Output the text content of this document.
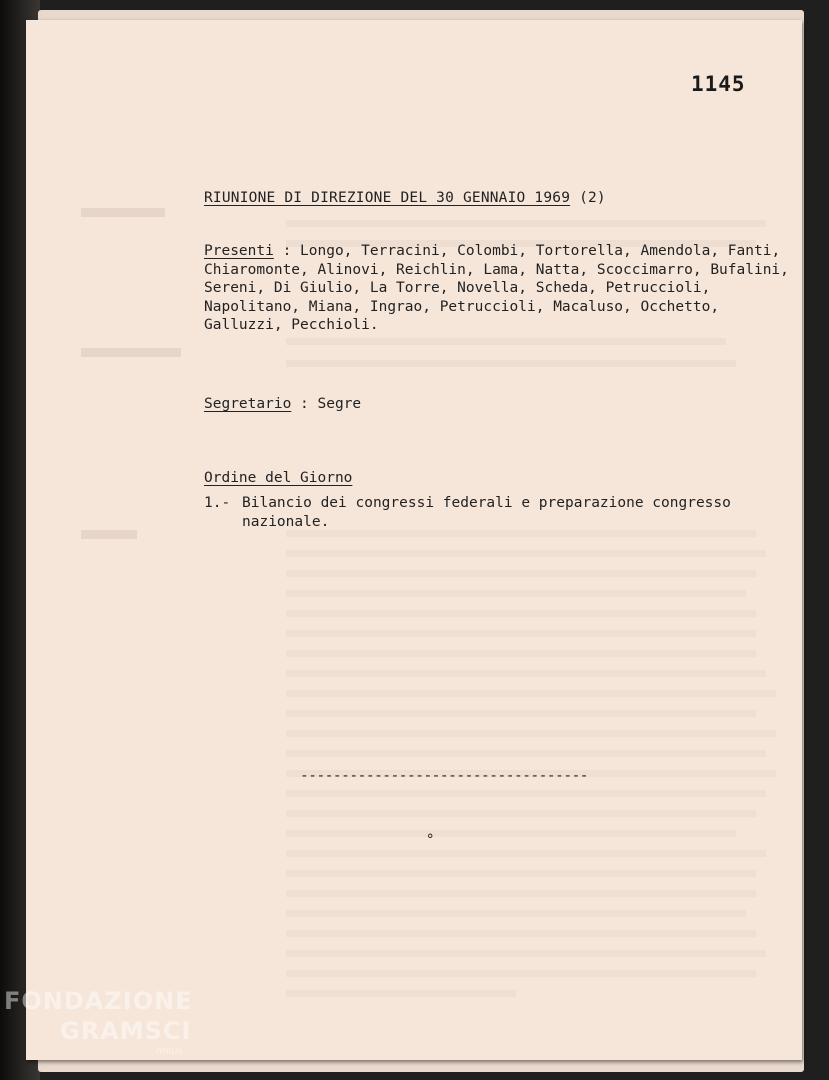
1145
RIUNIONE DI DIREZIONE DEL 30 GENNAIO 1969 (2)
Presenti : Longo, Terracini, Colombi, Tortorella, Amendola, Fanti, Chiaromonte, Alinovi, Reichlin, Lama, Natta, Scoccimarro, Bufalini, Sereni, Di Giulio, La Torre, Novella, Scheda, Petruccioli, Napolitano, Miana, Ingrao, Petruccioli, Macaluso, Occhetto, Galluzzi, Pecchioli.
Segretario : Segre
Ordine del Giorno
1.- Bilancio dei congressi federali e preparazione congresso nazionale.
-----------------------------------
°
FONDAZIONE
GRAMSCI
onlus
